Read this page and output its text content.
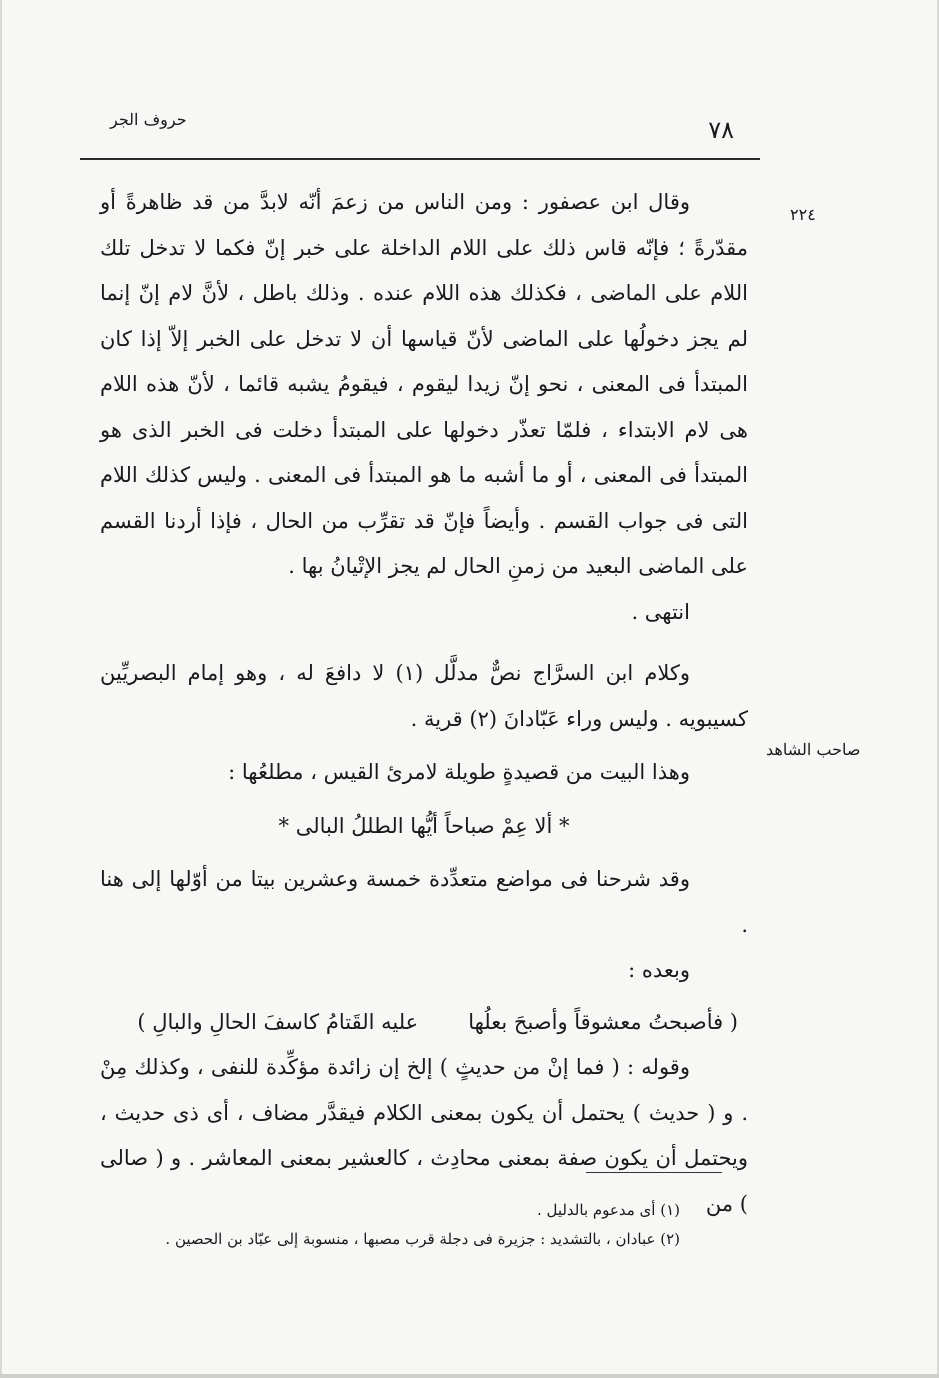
حروف الجر	٧٨
٢٢٤
صاحب الشاهد

وقال ابن عصفور : ومن الناس من زعمَ أنّه لابدَّ من قد ظاهرةً أو مقدّرةً ؛ فإنّه قاس ذلك على اللام الداخلة على خبر إنّ فكما لا تدخل تلك اللام على الماضى ، فكذلك هذه اللام عنده . وذلك باطل ، لأنَّ لام إنّ إنما لم يجز دخولُها على الماضى لأنّ قياسها أن لا تدخل على الخبر إلاّ إذا كان المبتدأ فى المعنى ، نحو إنّ زيدا ليقوم ، فيقومُ يشبه قائما ، لأنّ هذه اللام هى لام الابتداء ، فلمّا تعذّر دخولها على المبتدأ دخلت فى الخبر الذى هو المبتدأ فى المعنى ، أو ما أشبه ما هو المبتدأ فى المعنى . وليس كذلك اللام التى فى جواب القسم . وأيضاً فإنّ قد تقرِّب من الحال ، فإذا أردنا القسم على الماضى البعيد من زمنِ الحال لم يجز الإتْيانُ بها .

انتهى .

وكلام ابن السرَّاج نصٌّ مدلَّل (١) لا دافعَ له ، وهو إمام البصريِّين كسيبويه . وليس وراء عَبّادانَ (٢) قرية .

وهذا البيت من قصيدةٍ طويلة لامرئ القيس ، مطلعُها :

* ألا عِمْ صباحاً أيُّها الطللُ البالى *

وقد شرحنا فى مواضع متعدِّدة خمسة وعشرين بيتا من أوّلها إلى هنا .

وبعده :

( فأصبحتُ معشوقاً وأصبحَ بعلُها
عليه القَتامُ كاسفَ الحالِ والبالِ )

وقوله : ( فما إنْ من حديثٍ ) إلخ إن زائدة مؤكِّدة للنفى ، وكذلك مِنْ . و ( حديث ) يحتمل أن يكون بمعنى الكلام فيقدَّر مضاف ، أى ذى حديث ، ويحتمل أن يكون صفة بمعنى محادِث ، كالعشير بمعنى المعاشر . و ( صالى ) من

(١) أى مدعوم بالدليل .

(٢) عبادان ، بالتشديد : جزيرة فى دجلة قرب مصبها ، منسوبة إلى عبّاد بن الحصين .
